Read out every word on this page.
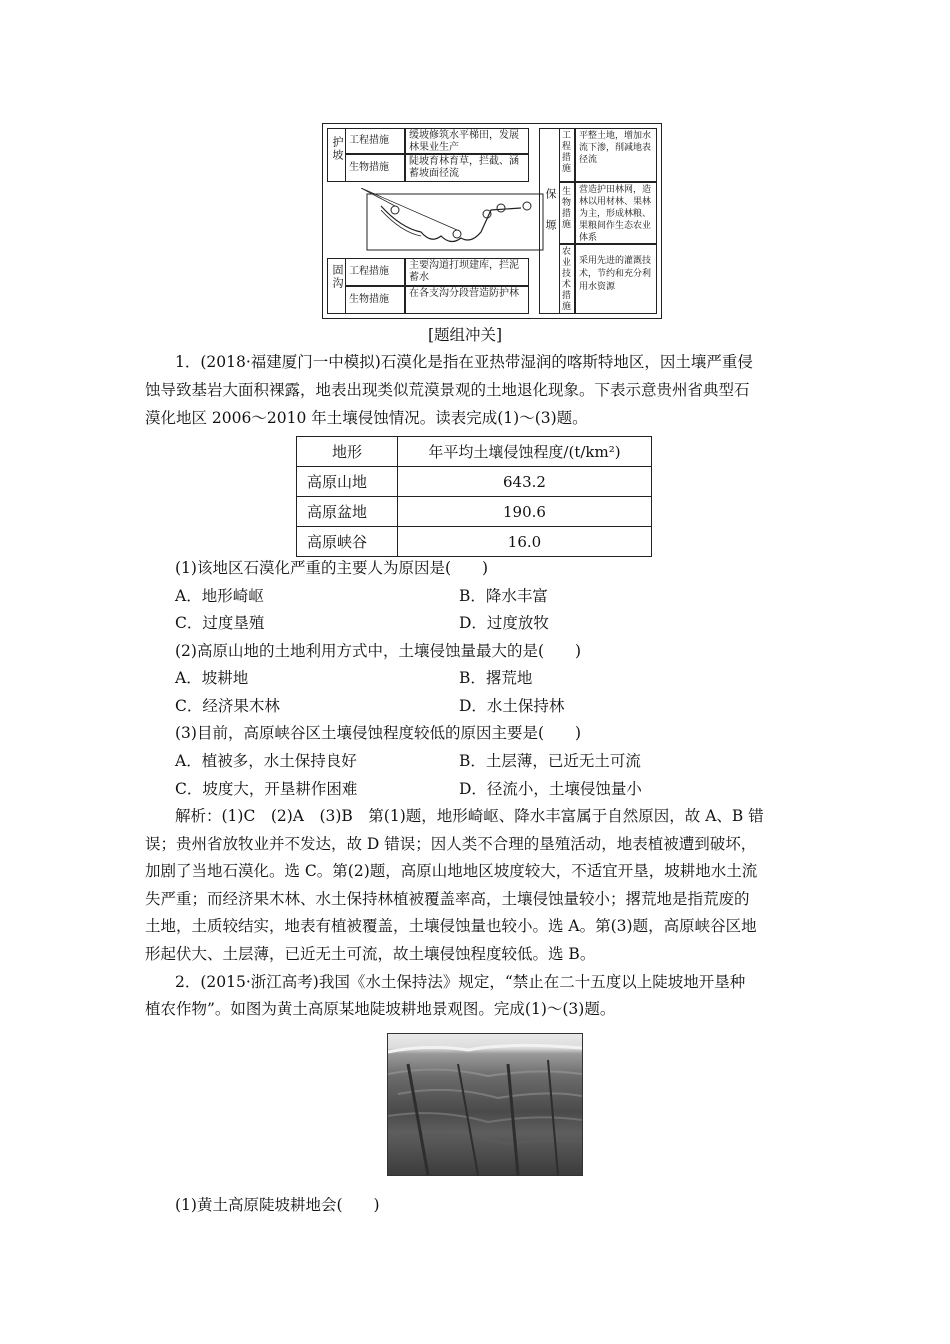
护坡 工程措施	缓坡修筑水平梯田，发展林果业生产
生物措施
陡坡育林育草，拦截、涵蓄坡面径流
固沟 工程措施
主要沟道打坝建库，拦泥蓄水
生物措施
在各支沟分段营造防护林
保塬
工程措施
平整土地，增加水流下渗，削减地表径流
生物措施
营造护田林网，造林以用材林、果林为主，形成林粮、果粮间作生态农业体系
农业技术措施
采用先进的灌溉技术，节约和充分利用水资源
[题组冲关]
1．(2018·福建厦门一中模拟)石漠化是指在亚热带湿润的喀斯特地区，因土壤严重侵
蚀导致基岩大面积裸露，地表出现类似荒漠景观的土地退化现象。下表示意贵州省典型石
漠化地区 2006～2010 年土壤侵蚀情况。读表完成(1)～(3)题。
地形	年平均土壤侵蚀程度/(t/km²)
高原山地	643.2
高原盆地	190.6
高原峡谷	16.0
(1)该地区石漠化严重的主要人为原因是(　　)
A．地形崎岖	B．降水丰富
C．过度垦殖	D．过度放牧
(2)高原山地的土地利用方式中，土壤侵蚀量最大的是(　　)
A．坡耕地	B．撂荒地
C．经济果木林	D．水土保持林
(3)目前，高原峡谷区土壤侵蚀程度较低的原因主要是(　　)
A．植被多，水土保持良好	B．土层薄，已近无土可流
C．坡度大，开垦耕作困难	D．径流小，土壤侵蚀量小
解析：(1)C　(2)A　(3)B　第(1)题，地形崎岖、降水丰富属于自然原因，故 A、B 错
误；贵州省放牧业并不发达，故 D 错误；因人类不合理的垦殖活动，地表植被遭到破坏，
加剧了当地石漠化。选 C。第(2)题，高原山地地区坡度较大，不适宜开垦，坡耕地水土流
失严重；而经济果木林、水土保持林植被覆盖率高，土壤侵蚀量较小；撂荒地是指荒废的
土地，土质较结实，地表有植被覆盖，土壤侵蚀量也较小。选 A。第(3)题，高原峡谷区地
形起伏大、土层薄，已近无土可流，故土壤侵蚀程度较低。选 B。
2．(2015·浙江高考)我国《水土保持法》规定，“禁止在二十五度以上陡坡地开垦种
植农作物”。如图为黄土高原某地陡坡耕地景观图。完成(1)～(3)题。
(1)黄土高原陡坡耕地会(　　)
